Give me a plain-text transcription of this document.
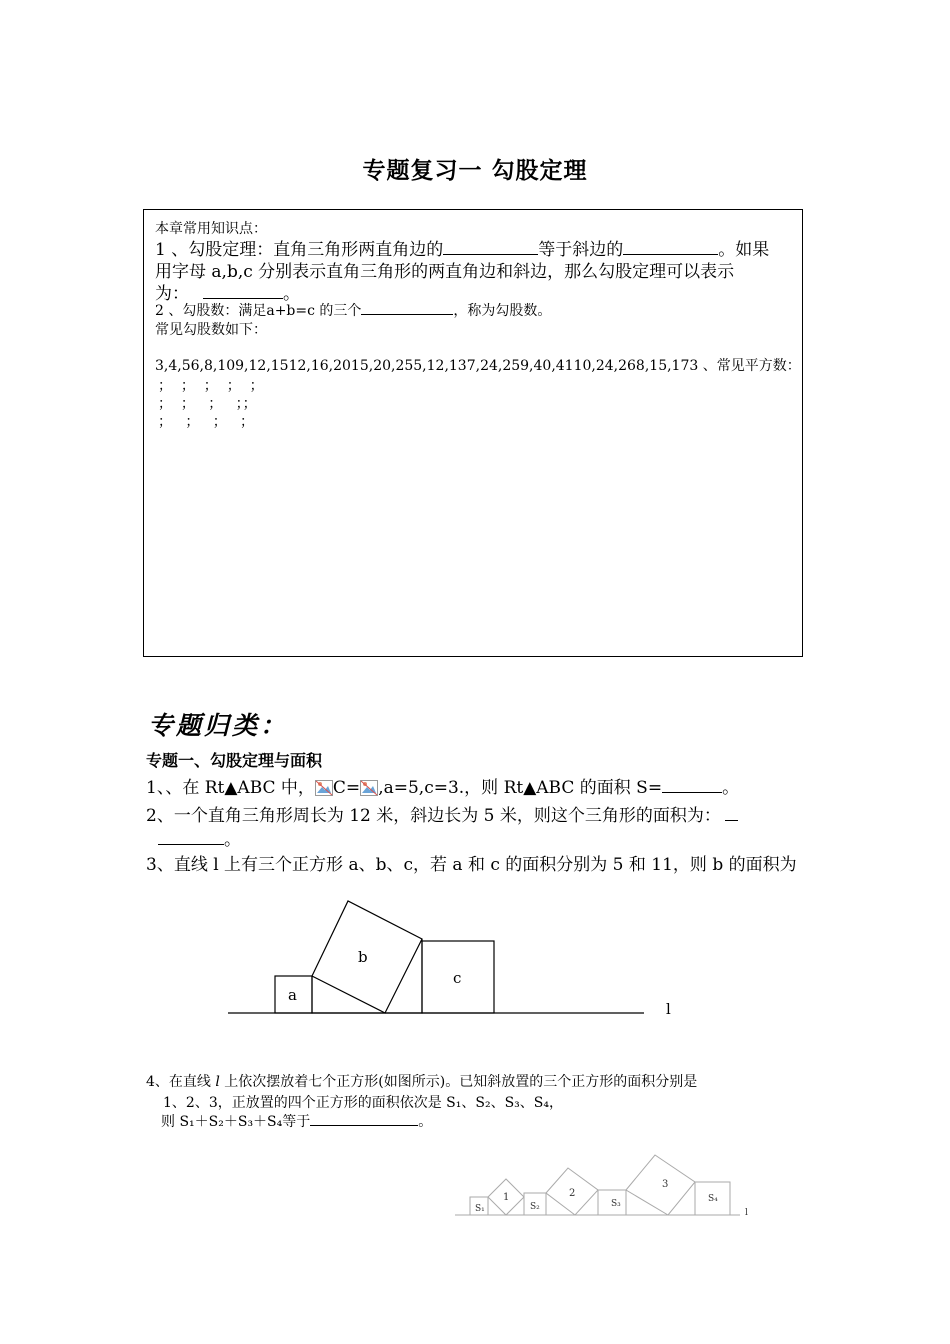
专题复习一 勾股定理
本章常用知识点：
1 、勾股定理：直角三角形两直角边的	等于斜边的	。如果
用字母 a,b,c 分别表示直角三角形的两直角边和斜边，那么勾股定理可以表示
为：	。
2 、勾股数：满足a+b=c 的三个	，称为勾股数。
常见勾股数如下：
3,4,56,8,109,12,1512,16,2015,20,255,12,137,24,259,40,4110,24,268,15,173 、常见平方数：
；  ；  ；  ；  ；
；  ；   ；   ；；
；   ；   ；   ；
专题归类：
专题一、勾股定理与面积
1、、在 Rt▲ABC 中， C= ,a=5,c=3.，则 Rt▲ABC 的面积 S=	。
2、一个直角三角形周长为 12 米，斜边长为 5 米，则这个三角形的面积为：
。
3、直线 l 上有三个正方形 a、b、c，若 a 和 c 的面积分别为 5 和 11，则 b 的面积为
a
b
c
l
4、在直线 l 上依次摆放着七个正方形(如图所示)。已知斜放置的三个正方形的面积分别是
1、2、3，正放置的四个正方形的面积依次是 S₁、S₂、S₃、S₄，
则 S₁＋S₂＋S₃＋S₄等于	。
S₁
1
S₂
2
S₃
3
S₄
l
